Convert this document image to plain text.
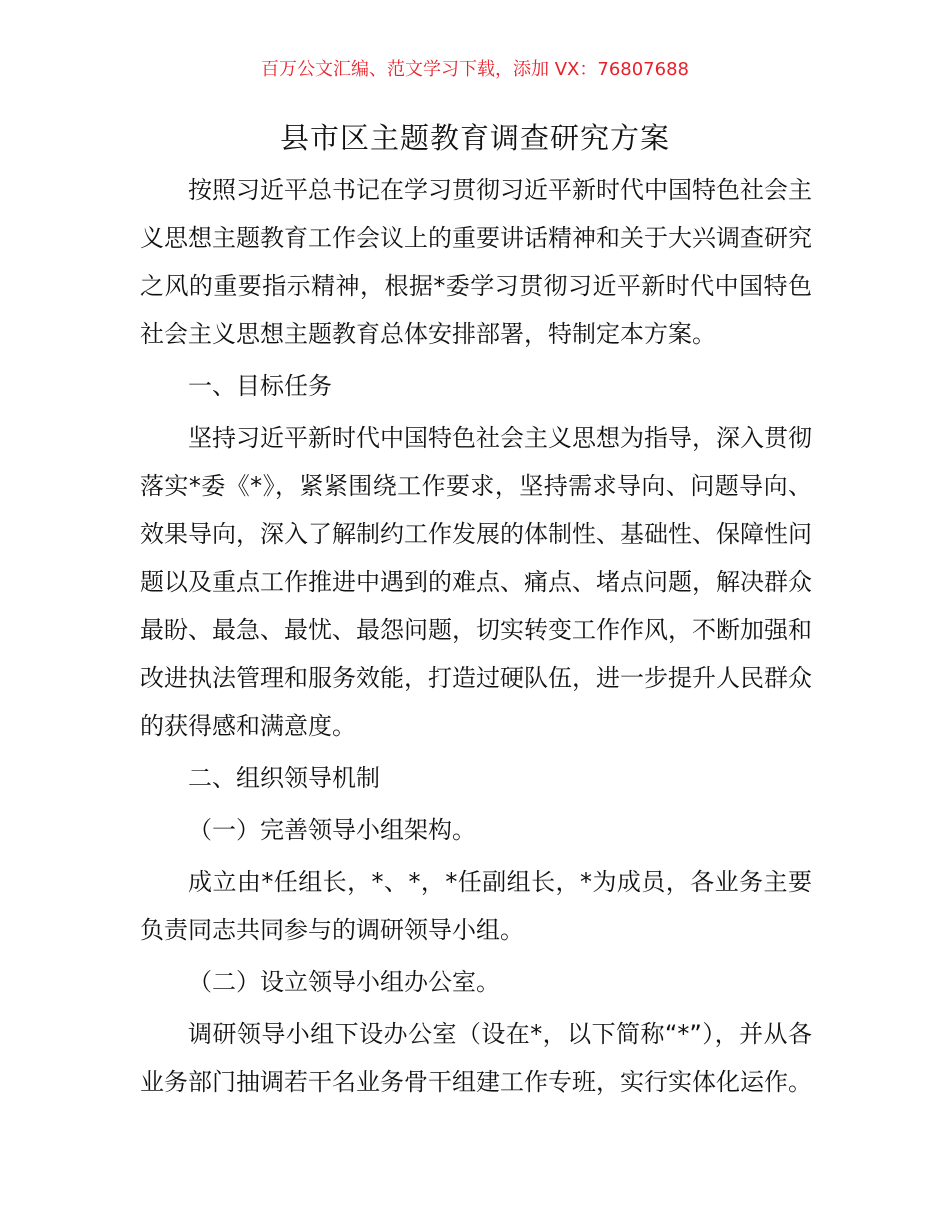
百万公文汇编、范文学习下载，添加 VX：76807688
县市区主题教育调查研究方案

按照习近平总书记在学习贯彻习近平新时代中国特色社会主义思想主题教育工作会议上的重要讲话精神和关于大兴调查研究之风的重要指示精神，根据*委学习贯彻习近平新时代中国特色社会主义思想主题教育总体安排部署，特制定本方案。

一、目标任务

坚持习近平新时代中国特色社会主义思想为指导，深入贯彻落实*委《*》，紧紧围绕工作要求，坚持需求导向、问题导向、效果导向，深入了解制约工作发展的体制性、基础性、保障性问题以及重点工作推进中遇到的难点、痛点、堵点问题，解决群众最盼、最急、最忧、最怨问题，切实转变工作作风，不断加强和改进执法管理和服务效能，打造过硬队伍，进一步提升人民群众的获得感和满意度。

二、组织领导机制

（一）完善领导小组架构。

成立由*任组长，*、*，*任副组长，*为成员，各业务主要负责同志共同参与的调研领导小组。

（二）设立领导小组办公室。

调研领导小组下设办公室（设在*，以下简称“*”），并从各业务部门抽调若干名业务骨干组建工作专班，实行实体化运作。
